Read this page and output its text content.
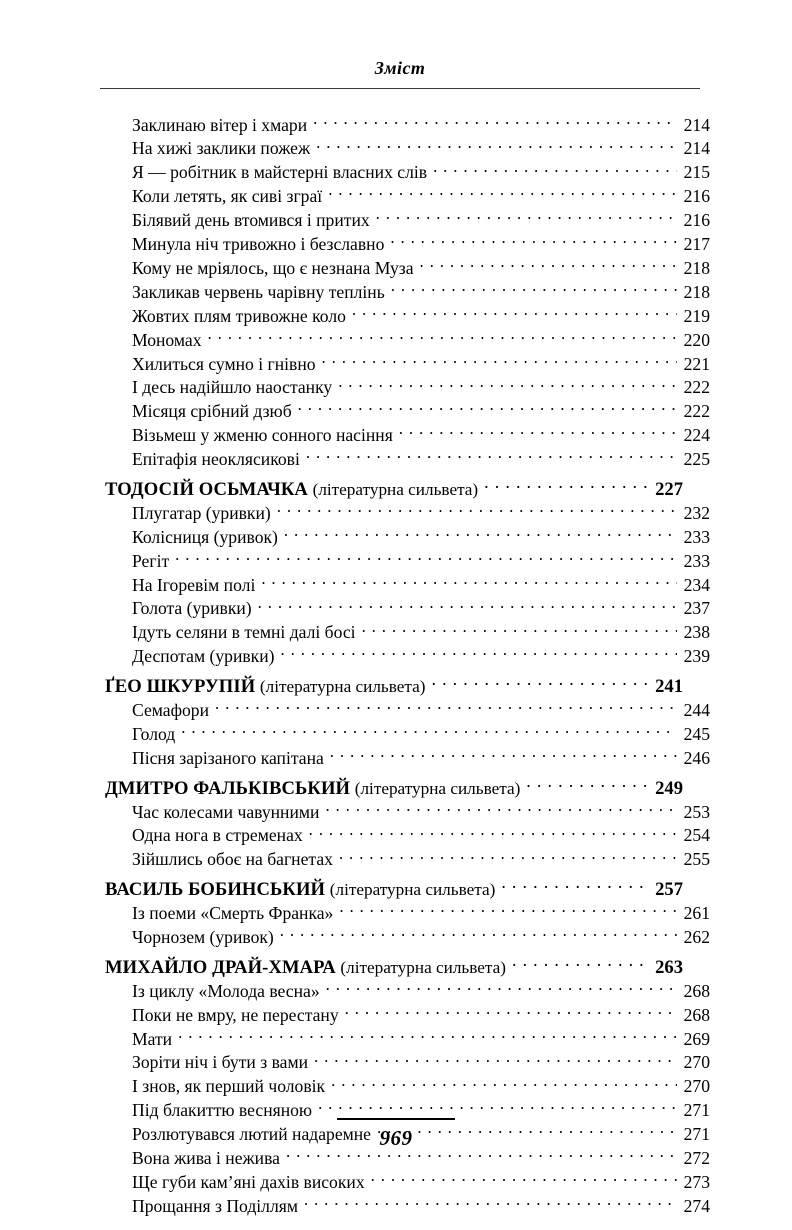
Зміст
Заклинаю вітер і хмари . . .	214
На хижі заклики пожеж . . .	214
Я — робітник в майстерні власних слів . . .	215
Коли летять, як сиві зграї . . .	216
Білявий день втомився і притих . . .	216
Минула ніч тривожно і безславно . . .	217
Кому не мріялось, що є незнана Муза . . .	218
Закликав червень чарівну теплінь . . .	218
Жовтих плям тривожне коло . . .	219
Мономах . . .	220
Хилиться сумно і гнівно . . .	221
І десь надійшло наостанку . . .	222
Місяця срібний дзюб . . .	222
Візьмеш у жменю сонного насіння . . .	224
Епітафія неоклясикові . . .	225
ТОДОСІЙ ОСЬМАЧКА (літературна сильвета) . . .	227
Плугатар (уривки) . . .	232
Колісниця (уривок) . . .	233
Регіт . . .	233
На Ігоревім полі . . .	234
Голота (уривки) . . .	237
Ідуть селяни в темні далі босі . . .	238
Деспотам (уривки) . . .	239
ҐЕО ШКУРУПІЙ (літературна сильвета) . . .	241
Семафори . . .	244
Голод . . .	245
Пісня зарізаного капітана . . .	246
ДМИТРО ФАЛЬКІВСЬКИЙ (літературна сильвета) . . .	249
Час колесами чавунними . . .	253
Одна нога в стременах . . .	254
Зійшлись обоє на багнетах . . .	255
ВАСИЛЬ БОБИНСЬКИЙ (літературна сильвета) . . .	257
Із поеми «Смерть Франка» . . .	261
Чорнозем (уривок) . . .	262
МИХАЙЛО ДРАЙ-ХМАРА (літературна сильвета) . . .	263
Із циклу «Молода весна» . . .	268
Поки не вмру, не перестану . . .	268
Мати . . .	269
Зоріти ніч і бути з вами . . .	270
І знов, як перший чоловік . . .	270
Під блакиттю весняною . . .	271
Розлютувався лютий надаремне . . .	271
Вона жива і нежива . . .	272
Ще губи кам’яні дахів високих . . .	273
Прощання з Поділлям . . .	274
969
